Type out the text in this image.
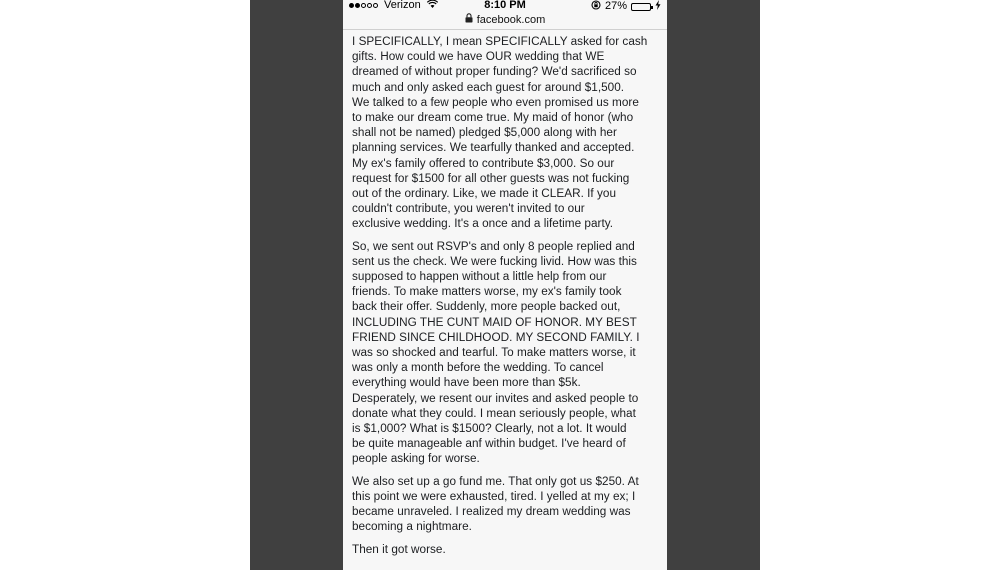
Verizon	8:10 PM	27%
facebook.com

I SPECIFICALLY, I mean SPECIFICALLY asked for cash
gifts. How could we have OUR wedding that WE
dreamed of without proper funding? We'd sacrificed so
much and only asked each guest for around $1,500.
We talked to a few people who even promised us more
to make our dream come true. My maid of honor (who
shall not be named) pledged $5,000 along with her
planning services. We tearfully thanked and accepted.
My ex's family offered to contribute $3,000. So our
request for $1500 for all other guests was not fucking
out of the ordinary. Like, we made it CLEAR. If you
couldn't contribute, you weren't invited to our
exclusive wedding. It's a once and a lifetime party.

So, we sent out RSVP's and only 8 people replied and
sent us the check. We were fucking livid. How was this
supposed to happen without a little help from our
friends. To make matters worse, my ex's family took
back their offer. Suddenly, more people backed out,
INCLUDING THE CUNT MAID OF HONOR. MY BEST
FRIEND SINCE CHILDHOOD. MY SECOND FAMILY. I
was so shocked and tearful. To make matters worse, it
was only a month before the wedding. To cancel
everything would have been more than $5k.
Desperately, we resent our invites and asked people to
donate what they could. I mean seriously people, what
is $1,000? What is $1500? Clearly, not a lot. It would
be quite manageable anf within budget. I've heard of
people asking for worse.

We also set up a go fund me. That only got us $250. At
this point we were exhausted, tired. I yelled at my ex; I
became unraveled. I realized my dream wedding was
becoming a nightmare.

Then it got worse.
